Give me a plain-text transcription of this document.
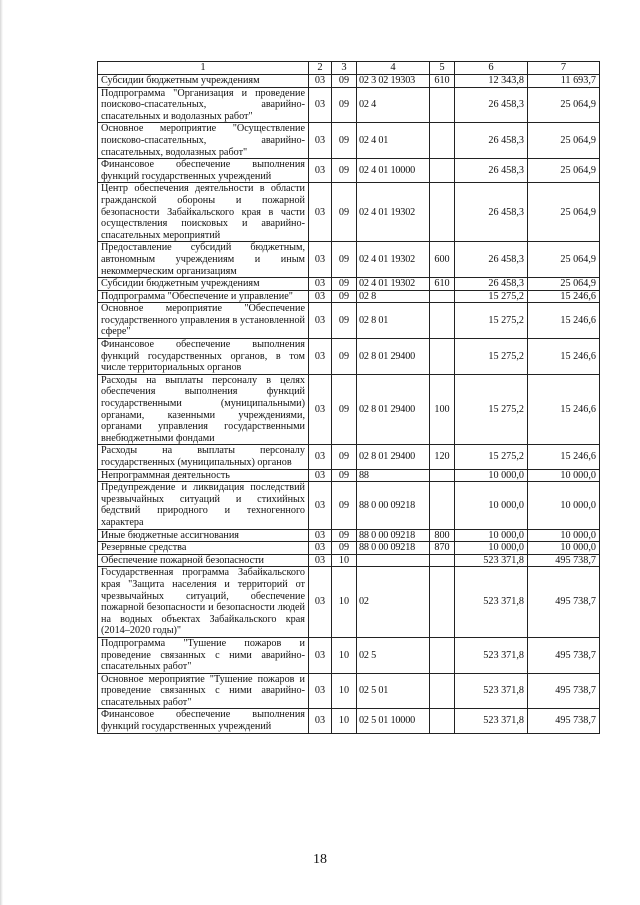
1	2	3	4	5	6	7
Субсидии бюджетным учреждениям	03	09	02 3 02 19303	610	12 343,8	11 693,7
Подпрограмма "Организация и проведение поисково-спасательных, аварийно-спасательных и водолазных работ"	03	09	02 4		26 458,3	25 064,9
Основное мероприятие "Осуществление поисково-спасательных, аварийно-спасательных, водолазных работ"	03	09	02 4 01		26 458,3	25 064,9
Финансовое обеспечение выполнения функций государственных учреждений	03	09	02 4 01 10000		26 458,3	25 064,9
Центр обеспечения деятельности в области гражданской обороны и пожарной безопасности Забайкальского края в части осуществления поисковых и аварийно-спасательных мероприятий	03	09	02 4 01 19302		26 458,3	25 064,9
Предоставление субсидий бюджетным, автономным учреждениям и иным некоммерческим организациям	03	09	02 4 01 19302	600	26 458,3	25 064,9
Субсидии бюджетным учреждениям	03	09	02 4 01 19302	610	26 458,3	25 064,9
Подпрограмма "Обеспечение и управление"	03	09	02 8		15 275,2	15 246,6
Основное мероприятие "Обеспечение государственного управления в установленной сфере"	03	09	02 8 01		15 275,2	15 246,6
Финансовое обеспечение выполнения функций государственных органов, в том числе территориальных органов	03	09	02 8 01 29400		15 275,2	15 246,6
Расходы на выплаты персоналу в целях обеспечения выполнения функций государственными (муниципальными) органами, казенными учреждениями, органами управления государственными внебюджетными фондами	03	09	02 8 01 29400	100	15 275,2	15 246,6
Расходы на выплаты персоналу государственных (муниципальных) органов	03	09	02 8 01 29400	120	15 275,2	15 246,6
Непрограммная деятельность	03	09	88		10 000,0	10 000,0
Предупреждение и ликвидация последствий чрезвычайных ситуаций и стихийных бедствий природного и техногенного характера	03	09	88 0 00 09218		10 000,0	10 000,0
Иные бюджетные ассигнования	03	09	88 0 00 09218	800	10 000,0	10 000,0
Резервные средства	03	09	88 0 00 09218	870	10 000,0	10 000,0
Обеспечение пожарной безопасности	03	10			523 371,8	495 738,7
Государственная программа Забайкальского края "Защита населения и территорий от чрезвычайных ситуаций, обеспечение пожарной безопасности и безопасности людей на водных объектах Забайкальского края (2014–2020 годы)"	03	10	02		523 371,8	495 738,7
Подпрограмма "Тушение пожаров и проведение связанных с ними аварийно-спасательных работ"	03	10	02 5		523 371,8	495 738,7
Основное мероприятие "Тушение пожаров и проведение связанных с ними аварийно-спасательных работ"	03	10	02 5 01		523 371,8	495 738,7
Финансовое обеспечение выполнения функций государственных учреждений	03	10	02 5 01 10000		523 371,8	495 738,7
18
